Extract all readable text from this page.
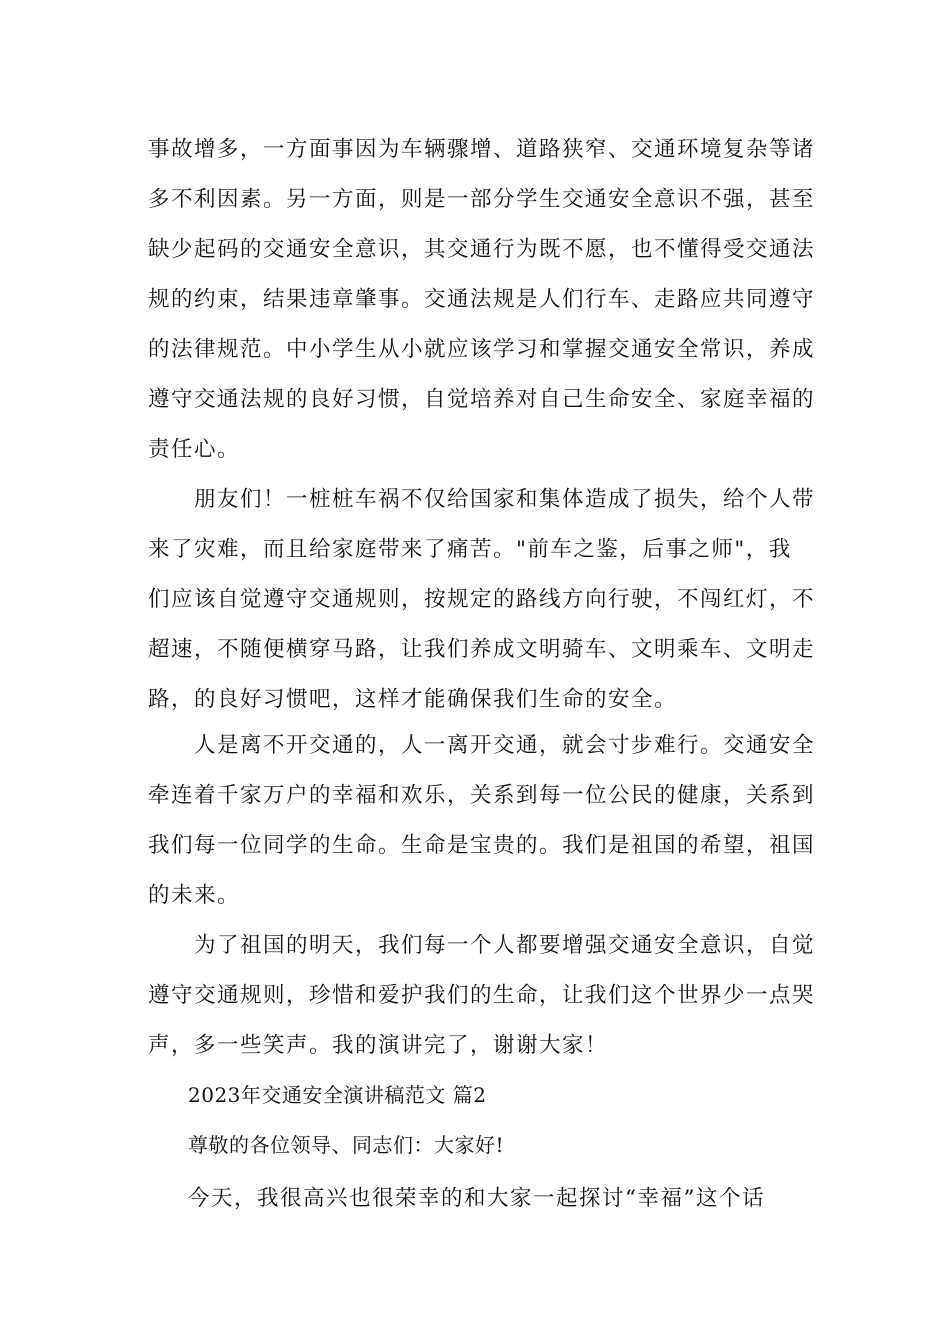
事故增多，一方面事因为车辆骤增、道路狭窄、交通环境复杂等诸
多不利因素。另一方面，则是一部分学生交通安全意识不强，甚至
缺少起码的交通安全意识，其交通行为既不愿，也不懂得受交通法
规的约束，结果违章肇事。交通法规是人们行车、走路应共同遵守
的法律规范。中小学生从小就应该学习和掌握交通安全常识，养成
遵守交通法规的良好习惯，自觉培养对自己生命安全、家庭幸福的
责任心。
　　朋友们！一桩桩车祸不仅给国家和集体造成了损失，给个人带
来了灾难，而且给家庭带来了痛苦。"前车之鉴，后事之师"，我
们应该自觉遵守交通规则，按规定的路线方向行驶，不闯红灯，不
超速，不随便横穿马路，让我们养成文明骑车、文明乘车、文明走
路，的良好习惯吧，这样才能确保我们生命的安全。
　　人是离不开交通的，人一离开交通，就会寸步难行。交通安全
牵连着千家万户的幸福和欢乐，关系到每一位公民的健康，关系到
我们每一位同学的生命。生命是宝贵的。我们是祖国的希望，祖国
的未来。
　　为了祖国的明天，我们每一个人都要增强交通安全意识，自觉
遵守交通规则，珍惜和爱护我们的生命，让我们这个世界少一点哭
声，多一些笑声。我的演讲完了，谢谢大家！

2023年交通安全演讲稿范文 篇2

尊敬的各位领导、同志们：大家好!

今天，我很高兴也很荣幸的和大家一起探讨“幸福”这个话
